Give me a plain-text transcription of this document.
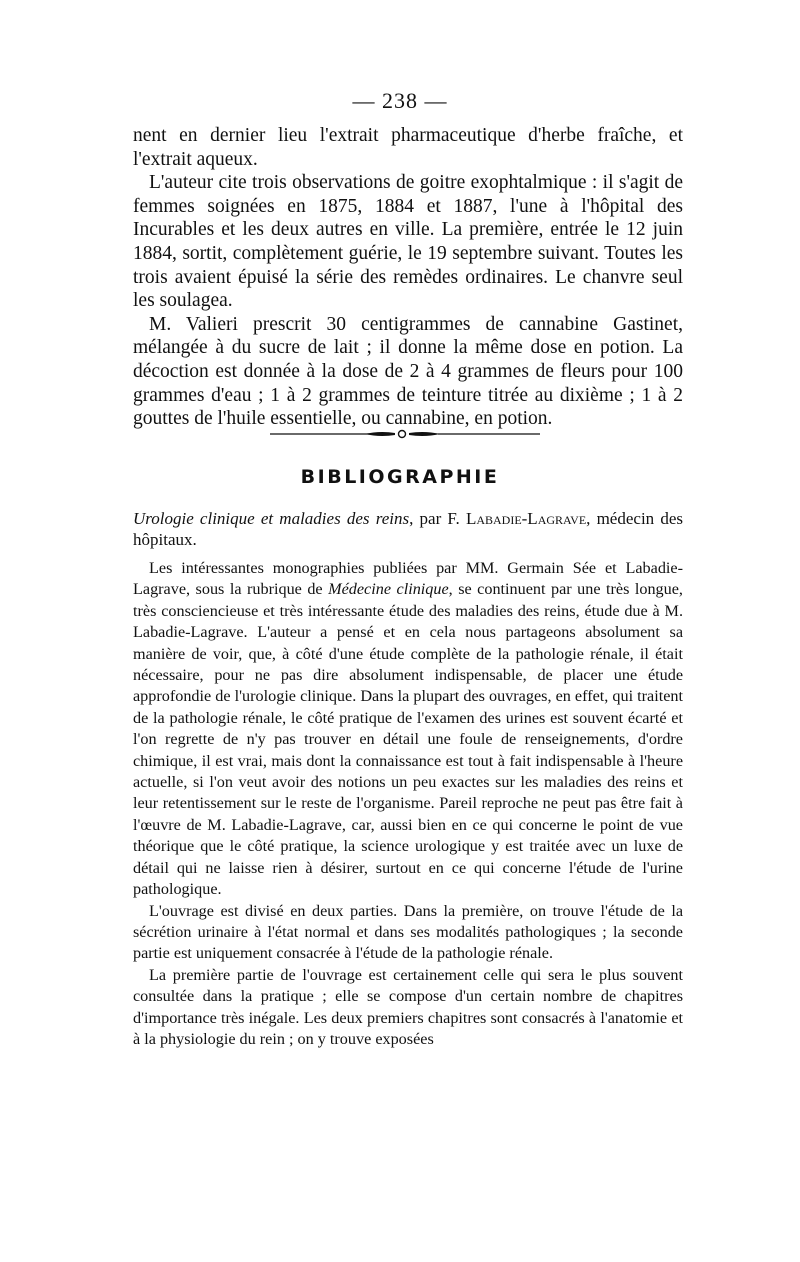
— 238 —

nent en dernier lieu l'extrait pharmaceutique d'herbe fraîche, et l'extrait aqueux.

L'auteur cite trois observations de goitre exophtalmique : il s'agit de femmes soignées en 1875, 1884 et 1887, l'une à l'hôpital des Incurables et les deux autres en ville. La première, entrée le 12 juin 1884, sortit, complètement guérie, le 19 septembre suivant. Toutes les trois avaient épuisé la série des remèdes ordinaires. Le chanvre seul les soulagea.

M. Valieri prescrit 30 centigrammes de cannabine Gastinet, mélangée à du sucre de lait ; il donne la même dose en potion. La décoction est donnée à la dose de 2 à 4 grammes de fleurs pour 100 grammes d'eau ; 1 à 2 grammes de teinture titrée au dixième ; 1 à 2 gouttes de l'huile essentielle, ou cannabine, en potion.

BIBLIOGRAPHIE

Urologie clinique et maladies des reins, par F. Labadie-Lagrave, médecin des hôpitaux.

Les intéressantes monographies publiées par MM. Germain Sée et Labadie-Lagrave, sous la rubrique de Médecine clinique, se continuent par une très longue, très consciencieuse et très intéressante étude des maladies des reins, étude due à M. Labadie-Lagrave. L'auteur a pensé et en cela nous partageons absolument sa manière de voir, que, à côté d'une étude complète de la pathologie rénale, il était nécessaire, pour ne pas dire absolument indispensable, de placer une étude approfondie de l'urologie clinique. Dans la plupart des ouvrages, en effet, qui traitent de la pathologie rénale, le côté pratique de l'examen des urines est souvent écarté et l'on regrette de n'y pas trouver en détail une foule de renseignements, d'ordre chimique, il est vrai, mais dont la connaissance est tout à fait indispensable à l'heure actuelle, si l'on veut avoir des notions un peu exactes sur les maladies des reins et leur retentissement sur le reste de l'organisme. Pareil reproche ne peut pas être fait à l'œuvre de M. Labadie-Lagrave, car, aussi bien en ce qui concerne le point de vue théorique que le côté pratique, la science urologique y est traitée avec un luxe de détail qui ne laisse rien à désirer, surtout en ce qui concerne l'étude de l'urine pathologique.

L'ouvrage est divisé en deux parties. Dans la première, on trouve l'étude de la sécrétion urinaire à l'état normal et dans ses modalités pathologiques ; la seconde partie est uniquement consacrée à l'étude de la pathologie rénale.

La première partie de l'ouvrage est certainement celle qui sera le plus souvent consultée dans la pratique ; elle se compose d'un certain nombre de chapitres d'importance très inégale. Les deux premiers chapitres sont consacrés à l'anatomie et à la physiologie du rein ; on y trouve exposées
